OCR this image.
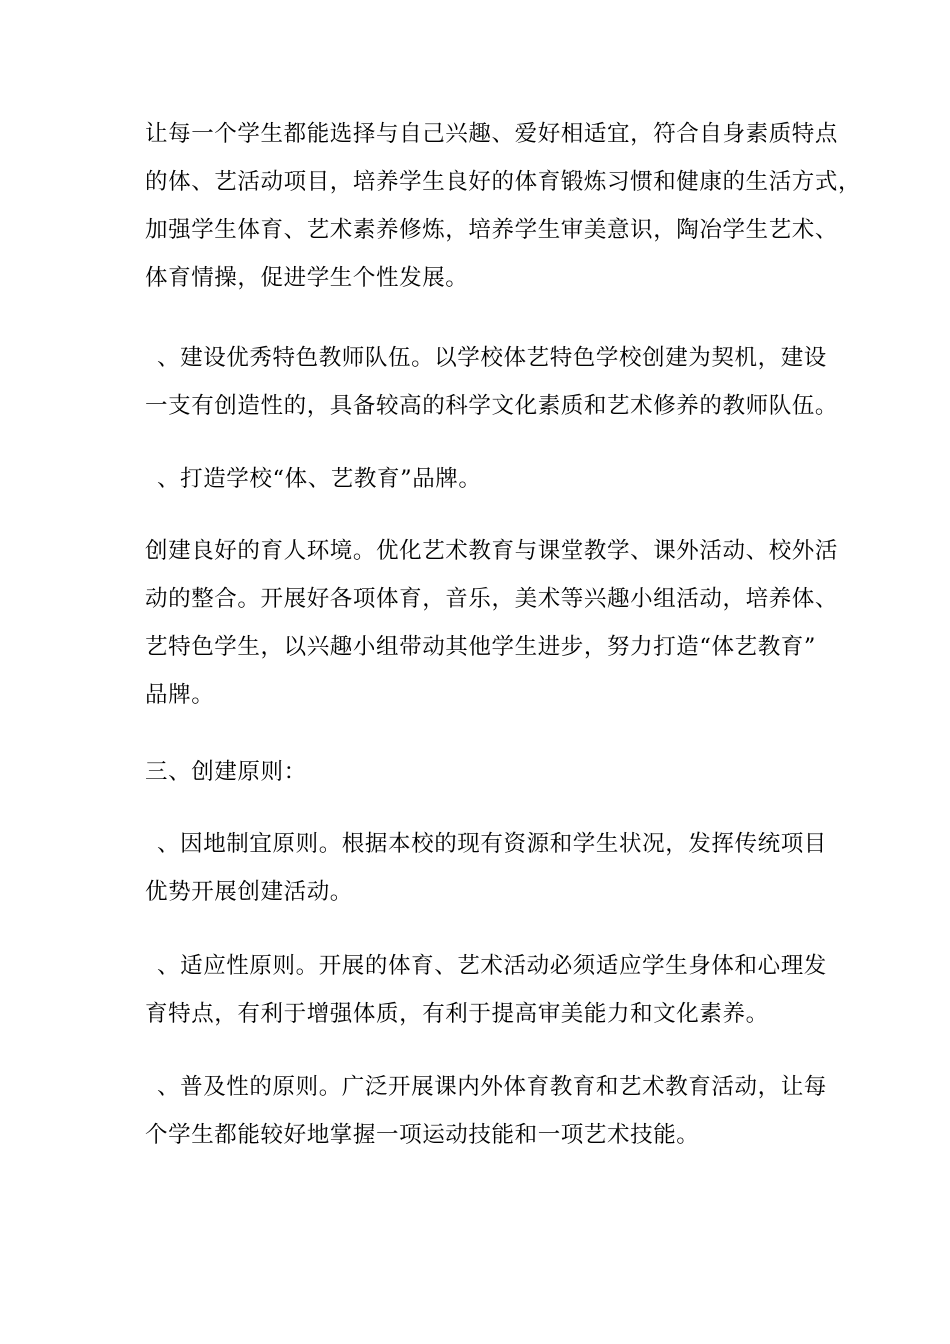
让每一个学生都能选择与自己兴趣、爱好相适宜，符合自身素质特点
的体、艺活动项目，培养学生良好的体育锻炼习惯和健康的生活方式，
加强学生体育、艺术素养修炼，培养学生审美意识，陶冶学生艺术、
体育情操，促进学生个性发展。
、建设优秀特色教师队伍。以学校体艺特色学校创建为契机，建设
一支有创造性的，具备较高的科学文化素质和艺术修养的教师队伍。
、打造学校“体、艺教育”品牌。
创建良好的育人环境。优化艺术教育与课堂教学、课外活动、校外活
动的整合。开展好各项体育，音乐，美术等兴趣小组活动，培养体、
艺特色学生，以兴趣小组带动其他学生进步，努力打造“体艺教育”
品牌。
三、创建原则：
、因地制宜原则。根据本校的现有资源和学生状况，发挥传统项目
优势开展创建活动。
、适应性原则。开展的体育、艺术活动必须适应学生身体和心理发
育特点，有利于增强体质，有利于提高审美能力和文化素养。
、普及性的原则。广泛开展课内外体育教育和艺术教育活动，让每
个学生都能较好地掌握一项运动技能和一项艺术技能。
